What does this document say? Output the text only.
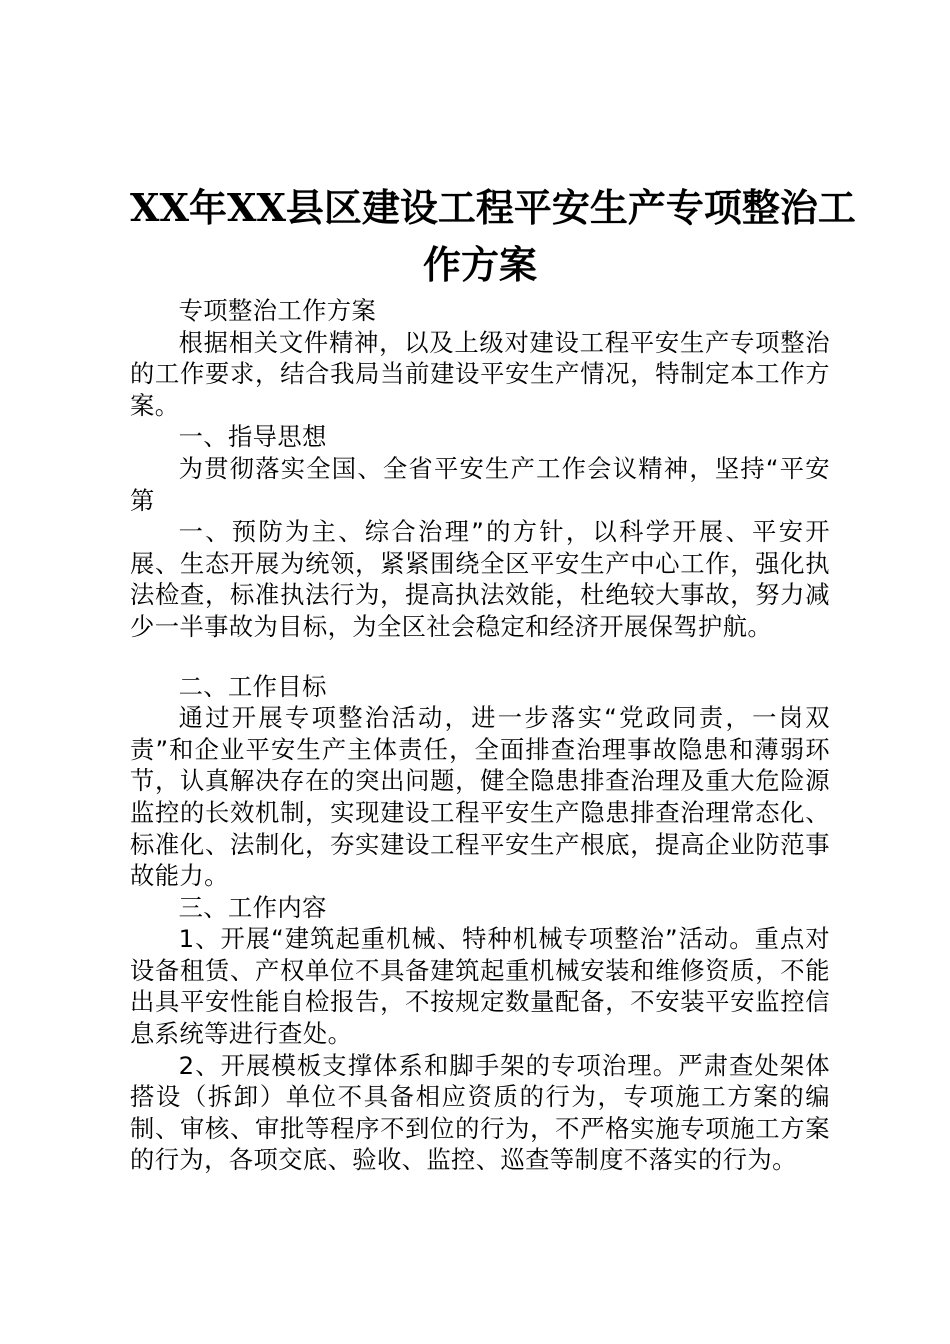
XX年XX县区建设工程平安生产专项整治工
作方案

专项整治工作方案

根据相关文件精神，以及上级对建设工程平安生产专项整治的工作要求，结合我局当前建设平安生产情况，特制定本工作方案。

一、指导思想

为贯彻落实全国、全省平安生产工作会议精神，坚持“平安第

一、预防为主、综合治理”的方针，以科学开展、平安开展、生态开展为统领，紧紧围绕全区平安生产中心工作，强化执法检查，标准执法行为，提高执法效能，杜绝较大事故，努力减少一半事故为目标，为全区社会稳定和经济开展保驾护航。

二、工作目标

通过开展专项整治活动，进一步落实“党政同责，一岗双责”和企业平安生产主体责任，全面排查治理事故隐患和薄弱环节，认真解决存在的突出问题，健全隐患排查治理及重大危险源监控的长效机制，实现建设工程平安生产隐患排查治理常态化、标准化、法制化，夯实建设工程平安生产根底，提高企业防范事故能力。

三、工作内容

1、开展“建筑起重机械、特种机械专项整治”活动。重点对设备租赁、产权单位不具备建筑起重机械安装和维修资质，不能出具平安性能自检报告，不按规定数量配备，不安装平安监控信息系统等进行查处。

2、开展模板支撑体系和脚手架的专项治理。严肃查处架体搭设（拆卸）单位不具备相应资质的行为，专项施工方案的编制、审核、审批等程序不到位的行为，不严格实施专项施工方案的行为，各项交底、验收、监控、巡查等制度不落实的行为。
